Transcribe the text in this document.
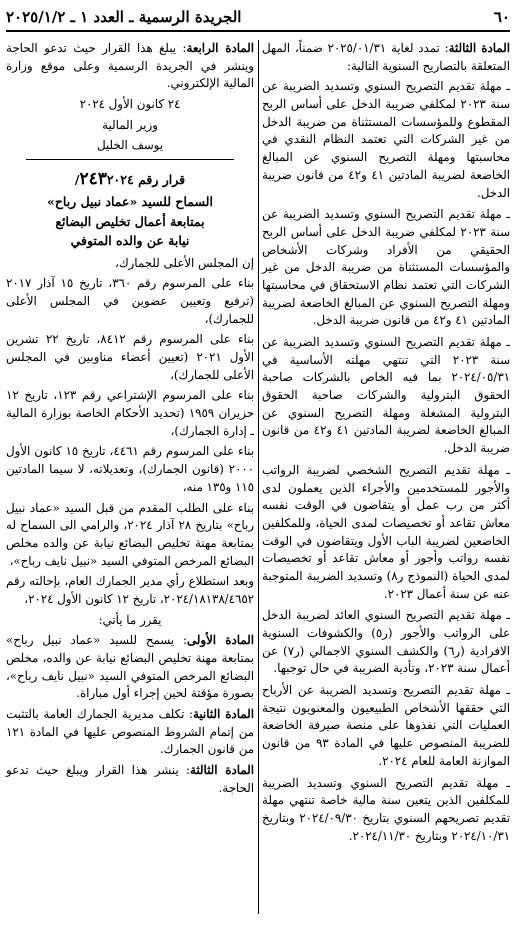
٦٠
الجريدة الرسمية ـ العدد ١ ـ ٢٠٢٥/١/٢

المادة الثالثة: تمدد لغاية ٢٠٢٥/٠١/٣١ ضمناً، المهل المتعلقة بالتصاريح السنوية التالية:

ـ مهلة تقديم التصريح السنوي وتسديد الضريبة عن سنة ٢٠٢٣ لمكلفي ضريبة الدخل على أساس الربح المقطوع وللمؤسسات المستثناة من ضريبة الدخل من غير الشركات التي تعتمد النظام النقدي في محاسبتها ومهلة التصريح السنوي عن المبالغ الخاضعة لضريبة المادتين ٤١ و٤٢ من قانون ضريبة الدخل.

ـ مهلة تقديم التصريح السنوي وتسديد الضريبة عن سنة ٢٠٢٣ لمكلفي ضريبة الدخل على أساس الربح الحقيقي من الأفراد وشركات الأشخاص والمؤسسات المستثناة من ضريبة الدخل من غير الشركات التي تعتمد نظام الاستحقاق في محاسبتها ومهلة التصريح السنوي عن المبالغ الخاضعة لضريبة المادتين ٤١ و٤٢ من قانون ضريبة الدخل.

ـ مهلة تقديم التصريح السنوي وتسديد الضريبة عن سنة ٢٠٢٣ التي تنتهي مهلته الأساسية في ٢٠٢٤/٠٥/٣١ بما فيه الخاص بالشركات صاحبة الحقوق البترولية والشركات صاحبة الحقوق البترولية المشغلة ومهلة التصريح السنوي عن المبالغ الخاضعة لضريبة المادتين ٤١ و٤٢ من قانون ضريبة الدخل.

ـ مهلة تقديم التصريح الشخصي لضريبة الرواتب والأجور للمستخدمين والأجراء الذين يعملون لدى أكثر من رب عمل أو يتقاضون في الوقت نفسه معاش تقاعد أو تخصيصات لمدى الحياة، وللمكلفين الخاضعين لضريبة الباب الأول ويتقاضون في الوقت نفسه رواتب وأجور أو معاش تقاعد أو تخصيصات لمدى الحياة (النموذج ر٨) وتسديد الضريبة المتوجبة عنه عن سنة أعمال ٢٠٢٣.

ـ مهلة تقديم التصريح السنوي العائد لضريبة الدخل على الرواتب والأجور (ر٥) والكشوفات السنوية الافرادية (ر٦) والكشف السنوي الاجمالي (ر٧) عن أعمال سنة ٢٠٢٣، وتأدية الضريبة في حال توجبها.

ـ مهلة تقديم التصريح وتسديد الضريبة عن الأرباح التي حققها الأشخاص الطبيعيون والمعنويون نتيجة العمليات التي نفذوها على منصة صيرفة الخاضعة للضريبة المنصوص عليها في المادة ٩٣ من قانون الموازنة العامة للعام ٢٠٢٤.

ـ مهلة تقديم التصريح السنوي وتسديد الضريبة للمكلفين الذين يتعين سنة مالية خاصة تنتهي مهلة تقديم تصريحهم السنوي بتاريخ ٢٠٢٤/٠٩/٣٠ وبتاريخ ٢٠٢٤/١٠/٣١ وبتاريخ ٢٠٢٤/١١/٣٠.

المادة الرابعة: يبلغ هذا القرار حيث تدعو الحاجة وينشر في الجريدة الرسمية وعلى موقع وزارة المالية الإلكتروني.

٢٤ كانون الأول ٢٠٢٤

وزير المالية

يوسف الخليل

قرار رقم ٢٤٣٢٠٢٤/
السماح للسيد «عماد نبيل رباح»
بمتابعة أعمال تخليص البضائع
نيابة عن والده المتوفي

إن المجلس الأعلى للجمارك،

بناء على المرسوم رقم ٣٦٠، تاريخ ١٥ آذار ٢٠١٧ (ترفيع وتعيين عضوين في المجلس الأعلى للجمارك)،

بناء على المرسوم رقم ٨٤١٢، تاريخ ٢٢ تشرين الأول ٢٠٢١ (تعيين أعضاء مناوبين في المجلس الأعلى للجمارك)،

بناء على المرسوم الإشتراعي رقم ١٢٣، تاريخ ١٢ حزيران ١٩٥٩ (تحديد الأحكام الخاصة بوزارة المالية ـ إدارة الجمارك)،

بناء على المرسوم رقم ٤٤٦١، تاريخ ١٥ كانون الأول ٢٠٠٠ (قانون الجمارك)، وتعديلاته، لا سيما المادتين ١١٥ و١٣٥ منه،

بناء على الطلب المقدم من قبل السيد «عماد نبيل رباح» بتاريخ ٢٨ آذار ٢٠٢٤، والرامي الى السماح له بمتابعة مهنة تخليص البضائع نيابة عن والده مخلص البضائع المرخص المتوفي السيد «نبيل نايف رباح»،

وبعد استطلاع رأي مدير الجمارك العام، بإحالته رقم ٢٠٢٤/١٨١٣٨/٤٦٥٢، تاريخ ١٢ كانون الأول ٢٠٢٤،

يقرر ما يأتي:

المادة الأولى: يسمح للسيد «عماد نبيل رباح» بمتابعة مهنة تخليص البضائع نيابة عن والده، مخلص البضائع المرخص المتوفي السيد «نبيل نايف رباح»، بصورة مؤقتة لحين إجراء أول مباراة.

المادة الثانية: تكلف مديرية الجمارك العامة بالتثبت من إتمام الشروط المنصوص عليها في المادة ١٢١ من قانون الجمارك.

المادة الثالثة: ينشر هذا القرار ويبلغ حيث تدعو الحاجة.
